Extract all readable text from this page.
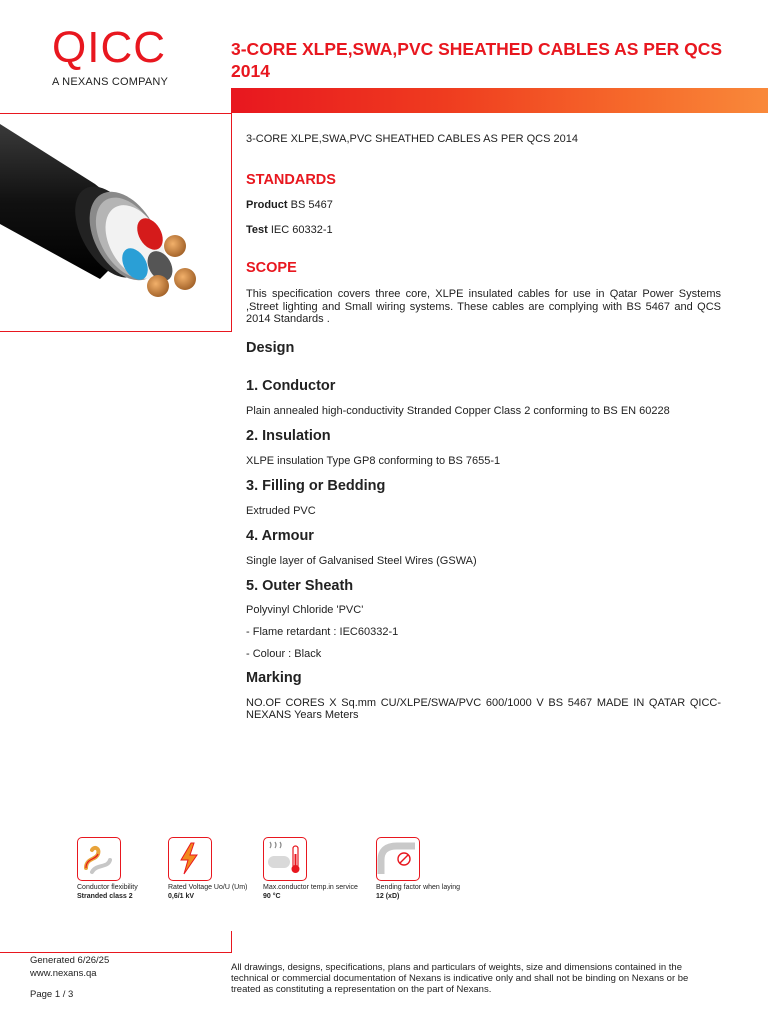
QICC
A NEXANS COMPANY
3-CORE XLPE,SWA,PVC SHEATHED CABLES AS PER QCS 2014
3-CORE XLPE,SWA,PVC SHEATHED CABLES AS PER QCS 2014
STANDARDS
Product BS 5467
Test IEC 60332-1
SCOPE
This specification covers three core, XLPE insulated cables for use in Qatar Power Systems ,Street lighting and Small wiring systems. These cables are complying with BS 5467 and QCS 2014 Standards .
Design
1. Conductor
Plain annealed high-conductivity Stranded Copper Class 2 conforming to BS EN 60228
2. Insulation
XLPE insulation Type GP8 conforming to BS 7655-1
3. Filling or Bedding
Extruded PVC
4. Armour
Single layer of Galvanised Steel Wires (GSWA)
5. Outer Sheath
Polyvinyl Chloride 'PVC'
- Flame retardant : IEC60332-1
- Colour : Black
Marking
NO.OF CORES X Sq.mm CU/XLPE/SWA/PVC 600/1000 V BS 5467 MADE IN QATAR QICC-NEXANS Years Meters
Conductor flexibility
Stranded class 2
Rated Voltage Uo/U (Um)
0,6/1 kV
Max.conductor temp.in service
90 °C
Bending factor when laying
12 (xD)
Generated 6/26/25
www.nexans.qa
Page 1 / 3
All drawings, designs, specifications, plans and particulars of weights, size and dimensions contained in the technical or commercial documentation of Nexans is indicative only and shall not be binding on Nexans or be treated as constituting a representation on the part of Nexans.
